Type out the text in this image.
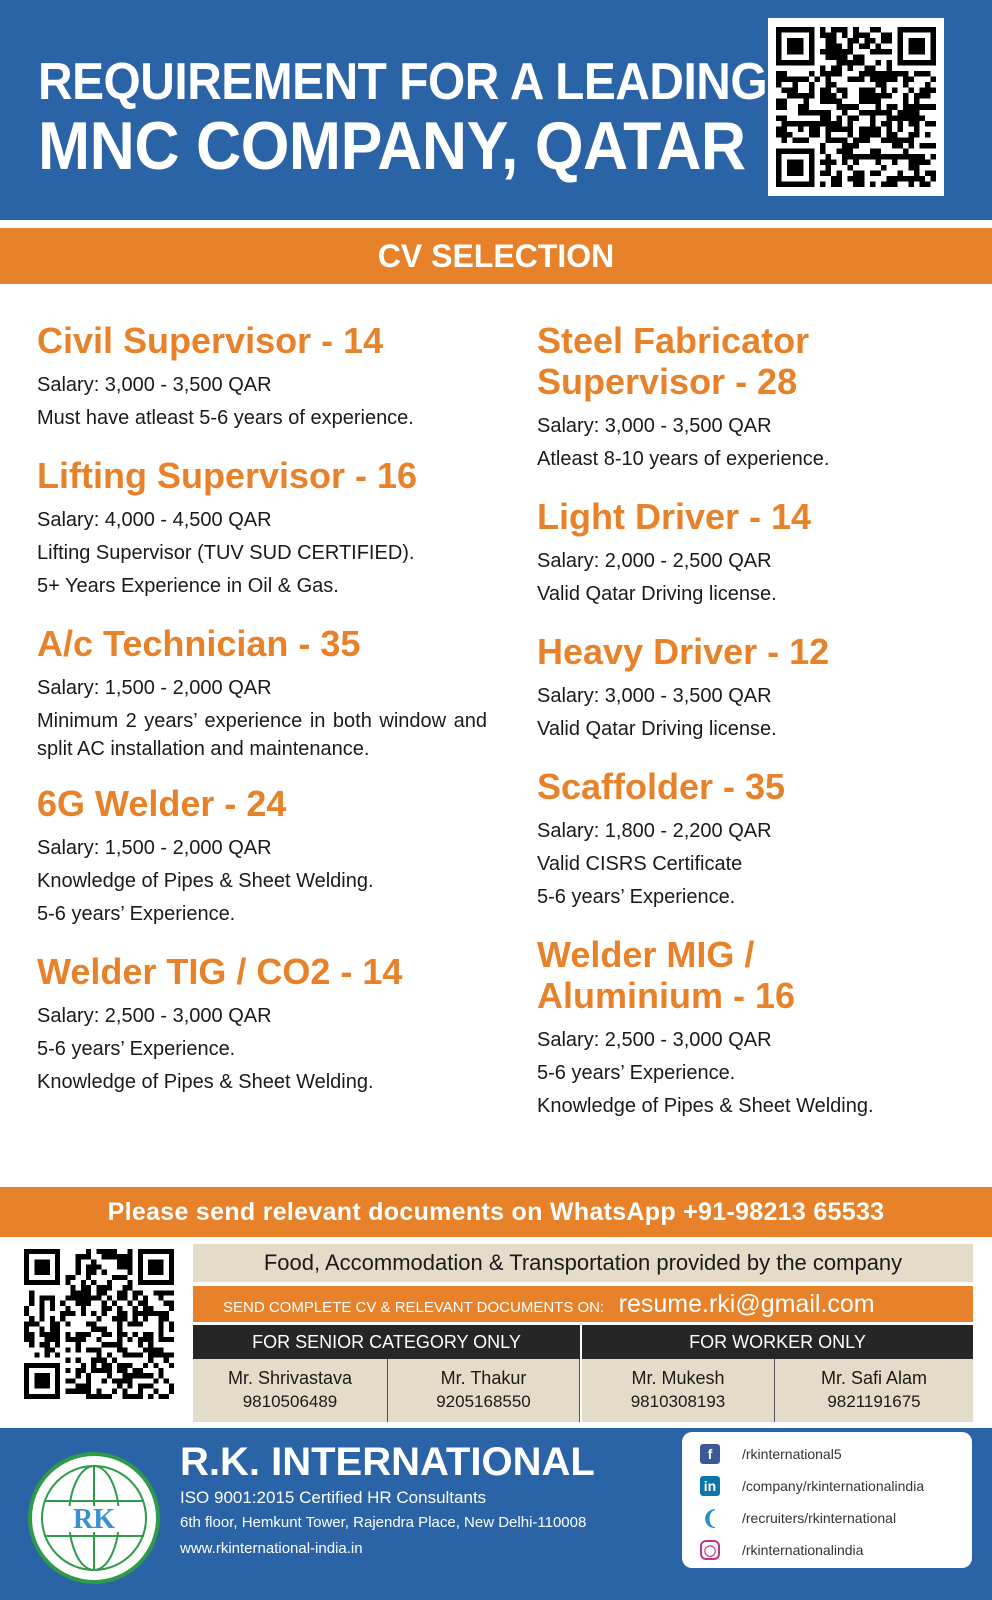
REQUIREMENT FOR A LEADING
MNC COMPANY, QATAR
CV SELECTION
Civil Supervisor - 14

Salary: 3,000 - 3,500 QAR

Must have atleast 5-6 years of experience.

Lifting Supervisor - 16

Salary: 4,000 - 4,500 QAR

Lifting Supervisor (TUV SUD CERTIFIED).

5+ Years Experience in Oil & Gas.

A/c Technician - 35

Salary: 1,500 - 2,000 QAR

Minimum 2 years’ experience in both window and split AC installation and maintenance.

6G Welder - 24

Salary: 1,500 - 2,000 QAR

Knowledge of Pipes & Sheet Welding.

5-6 years’ Experience.

Welder TIG / CO2 - 14

Salary: 2,500 - 3,000 QAR

5-6 years’ Experience.

Knowledge of Pipes & Sheet Welding.

Steel Fabricator
Supervisor - 28

Salary: 3,000 - 3,500 QAR

Atleast 8-10 years of experience.

Light Driver - 14

Salary: 2,000 - 2,500 QAR

Valid Qatar Driving license.

Heavy Driver - 12

Salary: 3,000 - 3,500 QAR

Valid Qatar Driving license.

Scaffolder - 35

Salary: 1,800 - 2,200 QAR

Valid CISRS Certificate

5-6 years’ Experience.

Welder MIG /
Aluminium - 16

Salary: 2,500 - 3,000 QAR

5-6 years’ Experience.

Knowledge of Pipes & Sheet Welding.

Please send relevant documents on WhatsApp +91-98213 65533
Food, Accommodation & Transportation provided by the company
SEND COMPLETE CV & RELEVANT DOCUMENTS ON: resume.rki@gmail.com
FOR SENIOR CATEGORY ONLY	FOR WORKER ONLY
Mr. Shrivastava
9810506489
Mr. Thakur
9205168550
Mr. Mukesh
9810308193
Mr. Safi Alam
9821191675
RK
R.K. INTERNATIONAL
ISO 9001:2015 Certified HR Consultants
6th floor, Hemkunt Tower, Rajendra Place, New Delhi-110008
www.rkinternational-india.in
f	/rkinternational5
in /company/rkinternationalindia
❨ /recruiters/rkinternational
◯ /rkinternationalindia
